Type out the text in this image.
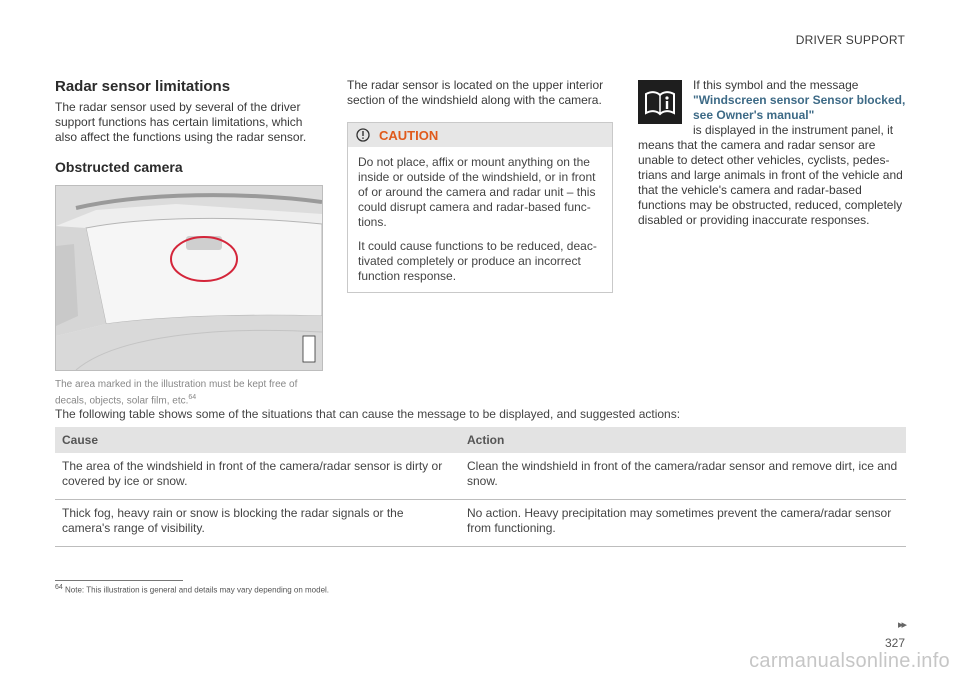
DRIVER SUPPORT
Radar sensor limitations

The radar sensor used by several of the driver support functions has certain limitations, which also affect the functions using the radar sensor.

Obstructed camera
The area marked in the illustration must be kept free of decals, objects, solar film, etc.$^{64}$

The radar sensor is located on the upper interior section of the windshield along with the camera.

CAUTION

Do not place, affix or mount anything on the inside or outside of the windshield, or in front of or around the camera and radar unit – this could disrupt camera and radar-based func-tions.

It could cause functions to be reduced, deac-tivated completely or produce an incorrect function response.

If this symbol and the message "Windscreen sensor Sensor blocked, see Owner's manual"

is displayed in the instrument panel, it means that the camera and radar sensor are unable to detect other vehicles, cyclists, pedes-trians and large animals in front of the vehicle and that the vehicle's camera and radar-based functions may be obstructed, reduced, completely disabled or providing inaccurate responses.

The following table shows some of the situations that can cause the message to be displayed, and suggested actions:
Cause	Action
The area of the windshield in front of the camera/radar sensor is dirty or covered by ice or snow.	Clean the windshield in front of the camera/radar sensor and remove dirt, ice and snow.
Thick fog, heavy rain or snow is blocking the radar signals or the camera's range of visibility.	No action. Heavy precipitation may sometimes prevent the camera/radar sensor from functioning.
$^{64}$ Note: This illustration is general and details may vary depending on model.
▸▸
327
carmanualsonline.info
